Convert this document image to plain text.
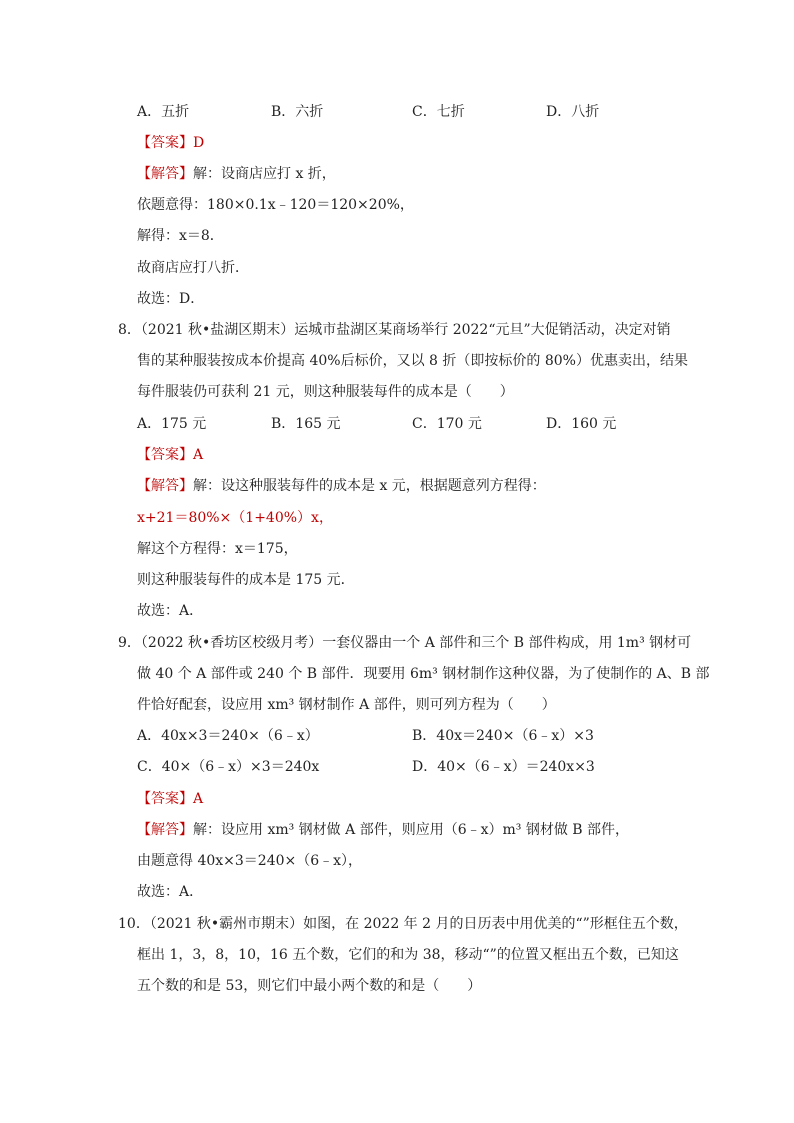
A．五折	B．六折	C．七折	D．八折
【答案】D
【解答】解：设商店应打 x 折，
依题意得：180×0.1x﹣120＝120×20%，
解得：x＝8．
故商店应打八折．
故选：D．
8．（2021 秋•盐湖区期末）运城市盐湖区某商场举行 2022“元旦”大促销活动，决定对销
售的某种服装按成本价提高 40%后标价，又以 8 折（即按标价的 80%）优惠卖出，结果
每件服装仍可获利 21 元，则这种服装每件的成本是（　　）
A．175 元	B．165 元	C．170 元	D．160 元
【答案】A
【解答】解：设这种服装每件的成本是 x 元，根据题意列方程得：
x+21＝80%×（1+40%）x，
解这个方程得：x＝175，
则这种服装每件的成本是 175 元．
故选：A．
9．（2022 秋•香坊区校级月考）一套仪器由一个 A 部件和三个 B 部件构成，用 1m³ 钢材可
做 40 个 A 部件或 240 个 B 部件．现要用 6m³ 钢材制作这种仪器，为了使制作的 A、B 部
件恰好配套，设应用 xm³ 钢材制作 A 部件，则可列方程为（　　）
A．40x×3＝240×（6﹣x）	B．40x＝240×（6﹣x）×3
C．40×（6﹣x）×3＝240x	D．40×（6﹣x）＝240x×3
【答案】A
【解答】解：设应用 xm³ 钢材做 A 部件，则应用（6﹣x）m³ 钢材做 B 部件，
由题意得 40x×3＝240×（6﹣x），
故选：A．
10．（2021 秋•霸州市期末）如图，在 2022 年 2 月的日历表中用优美的“”形框住五个数，
框出 1，3，8，10，16 五个数，它们的和为 38，移动“”的位置又框出五个数，已知这
五个数的和是 53，则它们中最小两个数的和是（　　）
